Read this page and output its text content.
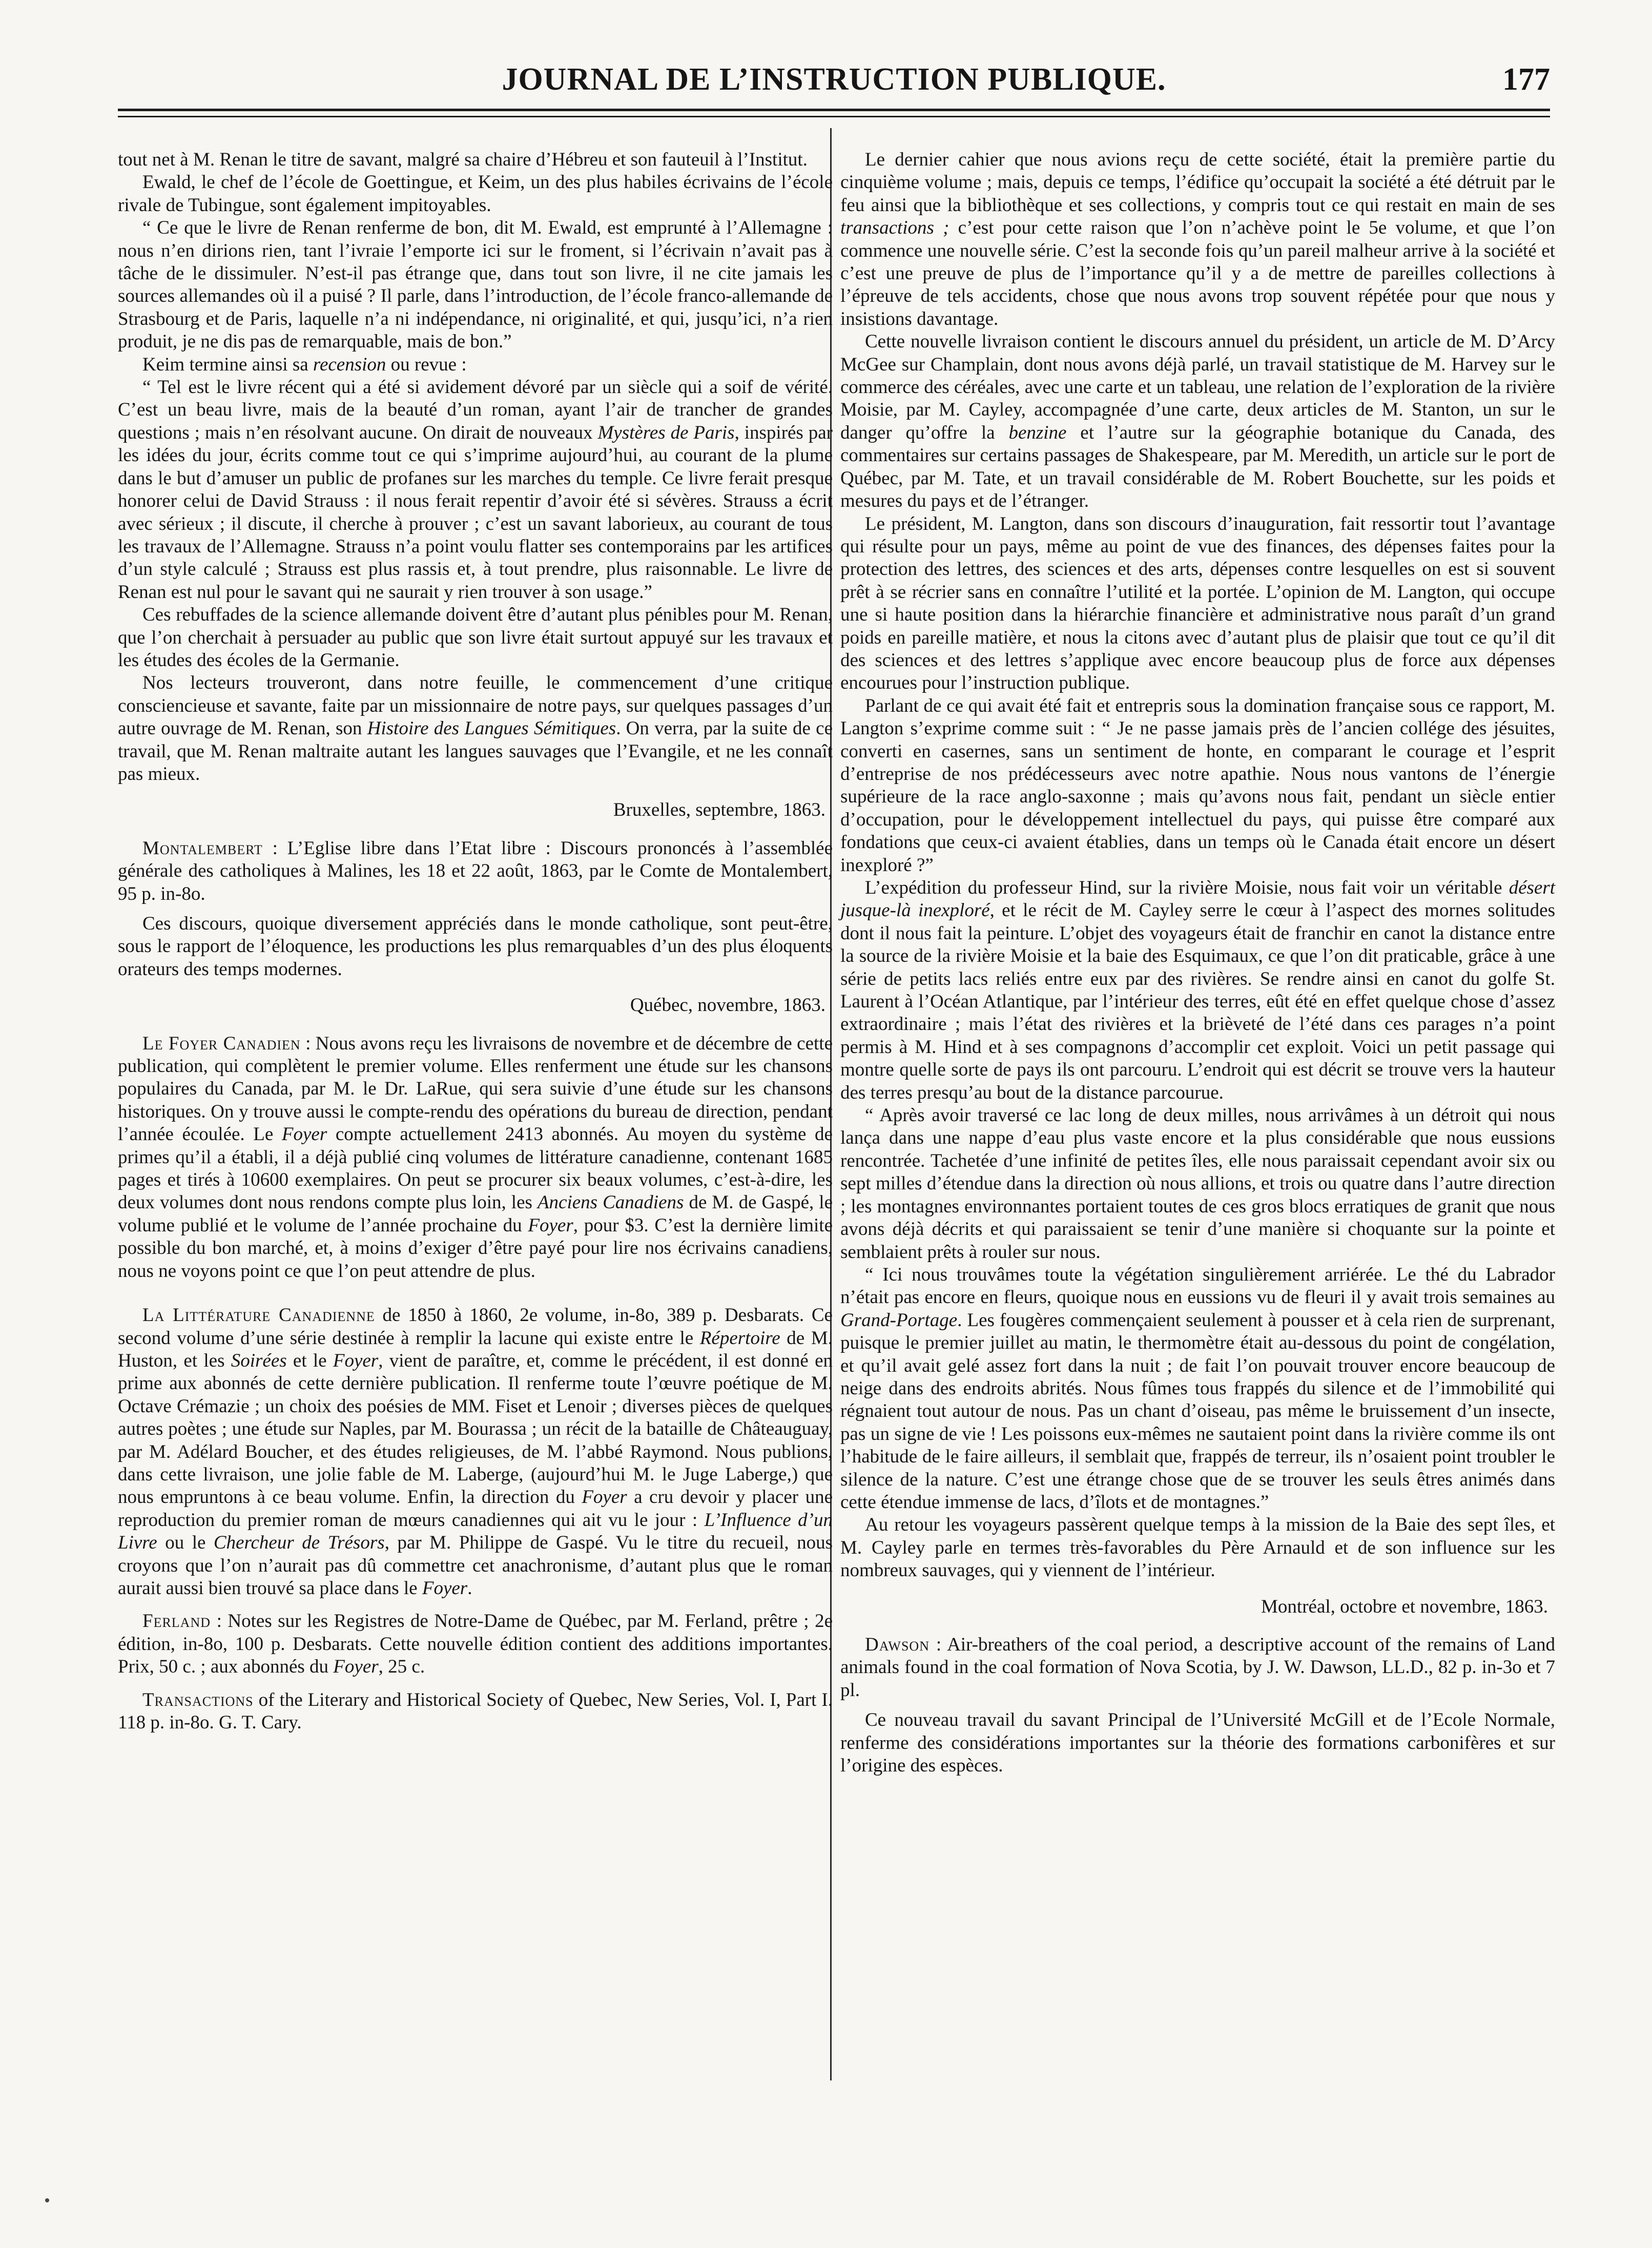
JOURNAL DE L’INSTRUCTION PUBLIQUE.	177

tout net à M. Renan le titre de savant, malgré sa chaire d’Hébreu et son fauteuil à l’Institut.

Ewald, le chef de l’école de Goettingue, et Keim, un des plus habiles écrivains de l’école rivale de Tubingue, sont également impitoyables.

“ Ce que le livre de Renan renferme de bon, dit M. Ewald, est emprunté à l’Allemagne : nous n’en dirions rien, tant l’ivraie l’emporte ici sur le froment, si l’écrivain n’avait pas à tâche de le dissimuler. N’est-il pas étrange que, dans tout son livre, il ne cite jamais les sources allemandes où il a puisé ? Il parle, dans l’introduction, de l’école franco-allemande de Strasbourg et de Paris, laquelle n’a ni indépendance, ni originalité, et qui, jusqu’ici, n’a rien produit, je ne dis pas de remarquable, mais de bon.”

Keim termine ainsi sa recension ou revue :

“ Tel est le livre récent qui a été si avidement dévoré par un siècle qui a soif de vérité. C’est un beau livre, mais de la beauté d’un roman, ayant l’air de trancher de grandes questions ; mais n’en résolvant aucune. On dirait de nouveaux Mystères de Paris, inspirés par les idées du jour, écrits comme tout ce qui s’imprime aujourd’hui, au courant de la plume dans le but d’amuser un public de profanes sur les marches du temple. Ce livre ferait presque honorer celui de David Strauss : il nous ferait repentir d’avoir été si sévères. Strauss a écrit avec sérieux ; il discute, il cherche à prouver ; c’est un savant laborieux, au courant de tous les travaux de l’Allemagne. Strauss n’a point voulu flatter ses contemporains par les artifices d’un style calculé ; Strauss est plus rassis et, à tout prendre, plus raisonnable. Le livre de Renan est nul pour le savant qui ne saurait y rien trouver à son usage.”

Ces rebuffades de la science allemande doivent être d’autant plus pénibles pour M. Renan, que l’on cherchait à persuader au public que son livre était surtout appuyé sur les travaux et les études des écoles de la Germanie.

Nos lecteurs trouveront, dans notre feuille, le commencement d’une critique consciencieuse et savante, faite par un missionnaire de notre pays, sur quelques passages d’un autre ouvrage de M. Renan, son Histoire des Langues Sémitiques. On verra, par la suite de ce travail, que M. Renan maltraite autant les langues sauvages que l’Evangile, et ne les connaît pas mieux.

Bruxelles, septembre, 1863.

Montalembert : L’Eglise libre dans l’Etat libre : Discours prononcés à l’assemblée générale des catholiques à Malines, les 18 et 22 août, 1863, par le Comte de Montalembert, 95 p. in-8o.

Ces discours, quoique diversement appréciés dans le monde catholique, sont peut-être, sous le rapport de l’éloquence, les productions les plus remarquables d’un des plus éloquents orateurs des temps modernes.

Québec, novembre, 1863.

Le Foyer Canadien : Nous avons reçu les livraisons de novembre et de décembre de cette publication, qui complètent le premier volume. Elles renferment une étude sur les chansons populaires du Canada, par M. le Dr. LaRue, qui sera suivie d’une étude sur les chansons historiques. On y trouve aussi le compte-rendu des opérations du bureau de direction, pendant l’année écoulée. Le Foyer compte actuellement 2413 abonnés. Au moyen du système de primes qu’il a établi, il a déjà publié cinq volumes de littérature canadienne, contenant 1685 pages et tirés à 10600 exemplaires. On peut se procurer six beaux volumes, c’est-à-dire, les deux volumes dont nous rendons compte plus loin, les Anciens Canadiens de M. de Gaspé, le volume publié et le volume de l’année prochaine du Foyer, pour $3. C’est la dernière limite possible du bon marché, et, à moins d’exiger d’être payé pour lire nos écrivains canadiens, nous ne voyons point ce que l’on peut attendre de plus.

La Littérature Canadienne de 1850 à 1860, 2e volume, in-8o, 389 p. Desbarats. Ce second volume d’une série destinée à remplir la lacune qui existe entre le Répertoire de M. Huston, et les Soirées et le Foyer, vient de paraître, et, comme le précédent, il est donné en prime aux abonnés de cette dernière publication. Il renferme toute l’œuvre poétique de M. Octave Crémazie ; un choix des poésies de MM. Fiset et Lenoir ; diverses pièces de quelques autres poètes ; une étude sur Naples, par M. Bourassa ; un récit de la bataille de Châteauguay, par M. Adélard Boucher, et des études religieuses, de M. l’abbé Raymond. Nous publions, dans cette livraison, une jolie fable de M. Laberge, (aujourd’hui M. le Juge Laberge,) que nous empruntons à ce beau volume. Enfin, la direction du Foyer a cru devoir y placer une reproduction du premier roman de mœurs canadiennes qui ait vu le jour : L’Influence d’un Livre ou le Chercheur de Trésors, par M. Philippe de Gaspé. Vu le titre du recueil, nous croyons que l’on n’aurait pas dû commettre cet anachronisme, d’autant plus que le roman aurait aussi bien trouvé sa place dans le Foyer.

Ferland : Notes sur les Registres de Notre-Dame de Québec, par M. Ferland, prêtre ; 2e édition, in-8o, 100 p. Desbarats. Cette nouvelle édition contient des additions importantes. Prix, 50 c. ; aux abonnés du Foyer, 25 c.

Transactions of the Literary and Historical Society of Quebec, New Series, Vol. I, Part I. 118 p. in-8o. G. T. Cary.

Le dernier cahier que nous avions reçu de cette société, était la première partie du cinquième volume ; mais, depuis ce temps, l’édifice qu’occupait la société a été détruit par le feu ainsi que la bibliothèque et ses collections, y compris tout ce qui restait en main de ses transactions ; c’est pour cette raison que l’on n’achève point le 5e volume, et que l’on commence une nouvelle série. C’est la seconde fois qu’un pareil malheur arrive à la société et c’est une preuve de plus de l’importance qu’il y a de mettre de pareilles collections à l’épreuve de tels accidents, chose que nous avons trop souvent répétée pour que nous y insistions davantage.

Cette nouvelle livraison contient le discours annuel du président, un article de M. D’Arcy McGee sur Champlain, dont nous avons déjà parlé, un travail statistique de M. Harvey sur le commerce des céréales, avec une carte et un tableau, une relation de l’exploration de la rivière Moisie, par M. Cayley, accompagnée d’une carte, deux articles de M. Stanton, un sur le danger qu’offre la benzine et l’autre sur la géographie botanique du Canada, des commentaires sur certains passages de Shakespeare, par M. Meredith, un article sur le port de Québec, par M. Tate, et un travail considérable de M. Robert Bouchette, sur les poids et mesures du pays et de l’étranger.

Le président, M. Langton, dans son discours d’inauguration, fait ressortir tout l’avantage qui résulte pour un pays, même au point de vue des finances, des dépenses faites pour la protection des lettres, des sciences et des arts, dépenses contre lesquelles on est si souvent prêt à se récrier sans en connaître l’utilité et la portée. L’opinion de M. Langton, qui occupe une si haute position dans la hiérarchie financière et administrative nous paraît d’un grand poids en pareille matière, et nous la citons avec d’autant plus de plaisir que tout ce qu’il dit des sciences et des lettres s’applique avec encore beaucoup plus de force aux dépenses encourues pour l’instruction publique.

Parlant de ce qui avait été fait et entrepris sous la domination française sous ce rapport, M. Langton s’exprime comme suit : “ Je ne passe jamais près de l’ancien collége des jésuites, converti en casernes, sans un sentiment de honte, en comparant le courage et l’esprit d’entreprise de nos prédécesseurs avec notre apathie. Nous nous vantons de l’énergie supérieure de la race anglo-saxonne ; mais qu’avons nous fait, pendant un siècle entier d’occupation, pour le développement intellectuel du pays, qui puisse être comparé aux fondations que ceux-ci avaient établies, dans un temps où le Canada était encore un désert inexploré ?”

L’expédition du professeur Hind, sur la rivière Moisie, nous fait voir un véritable désert jusque-là inexploré, et le récit de M. Cayley serre le cœur à l’aspect des mornes solitudes dont il nous fait la peinture. L’objet des voyageurs était de franchir en canot la distance entre la source de la rivière Moisie et la baie des Esquimaux, ce que l’on dit praticable, grâce à une série de petits lacs reliés entre eux par des rivières. Se rendre ainsi en canot du golfe St. Laurent à l’Océan Atlantique, par l’intérieur des terres, eût été en effet quelque chose d’assez extraordinaire ; mais l’état des rivières et la brièveté de l’été dans ces parages n’a point permis à M. Hind et à ses compagnons d’accomplir cet exploit. Voici un petit passage qui montre quelle sorte de pays ils ont parcouru. L’endroit qui est décrit se trouve vers la hauteur des terres presqu’au bout de la distance parcourue.

“ Après avoir traversé ce lac long de deux milles, nous arrivâmes à un détroit qui nous lança dans une nappe d’eau plus vaste encore et la plus considérable que nous eussions rencontrée. Tachetée d’une infinité de petites îles, elle nous paraissait cependant avoir six ou sept milles d’étendue dans la direction où nous allions, et trois ou quatre dans l’autre direction ; les montagnes environnantes portaient toutes de ces gros blocs erratiques de granit que nous avons déjà décrits et qui paraissaient se tenir d’une manière si choquante sur la pointe et semblaient prêts à rouler sur nous.

“ Ici nous trouvâmes toute la végétation singulièrement arriérée. Le thé du Labrador n’était pas encore en fleurs, quoique nous en eussions vu de fleuri il y avait trois semaines au Grand-Portage. Les fougères commençaient seulement à pousser et à cela rien de surprenant, puisque le premier juillet au matin, le thermomètre était au-dessous du point de congélation, et qu’il avait gelé assez fort dans la nuit ; de fait l’on pouvait trouver encore beaucoup de neige dans des endroits abrités. Nous fûmes tous frappés du silence et de l’immobilité qui régnaient tout autour de nous. Pas un chant d’oiseau, pas même le bruissement d’un insecte, pas un signe de vie ! Les poissons eux-mêmes ne sautaient point dans la rivière comme ils ont l’habitude de le faire ailleurs, il semblait que, frappés de terreur, ils n’osaient point troubler le silence de la nature. C’est une étrange chose que de se trouver les seuls êtres animés dans cette étendue immense de lacs, d’îlots et de montagnes.”

Au retour les voyageurs passèrent quelque temps à la mission de la Baie des sept îles, et M. Cayley parle en termes très-favorables du Père Arnauld et de son influence sur les nombreux sauvages, qui y viennent de l’intérieur.

Montréal, octobre et novembre, 1863.

Dawson : Air-breathers of the coal period, a descriptive account of the remains of Land animals found in the coal formation of Nova Scotia, by J. W. Dawson, LL.D., 82 p. in-3o et 7 pl.

Ce nouveau travail du savant Principal de l’Université McGill et de l’Ecole Normale, renferme des considérations importantes sur la théorie des formations carbonifères et sur l’origine des espèces.
